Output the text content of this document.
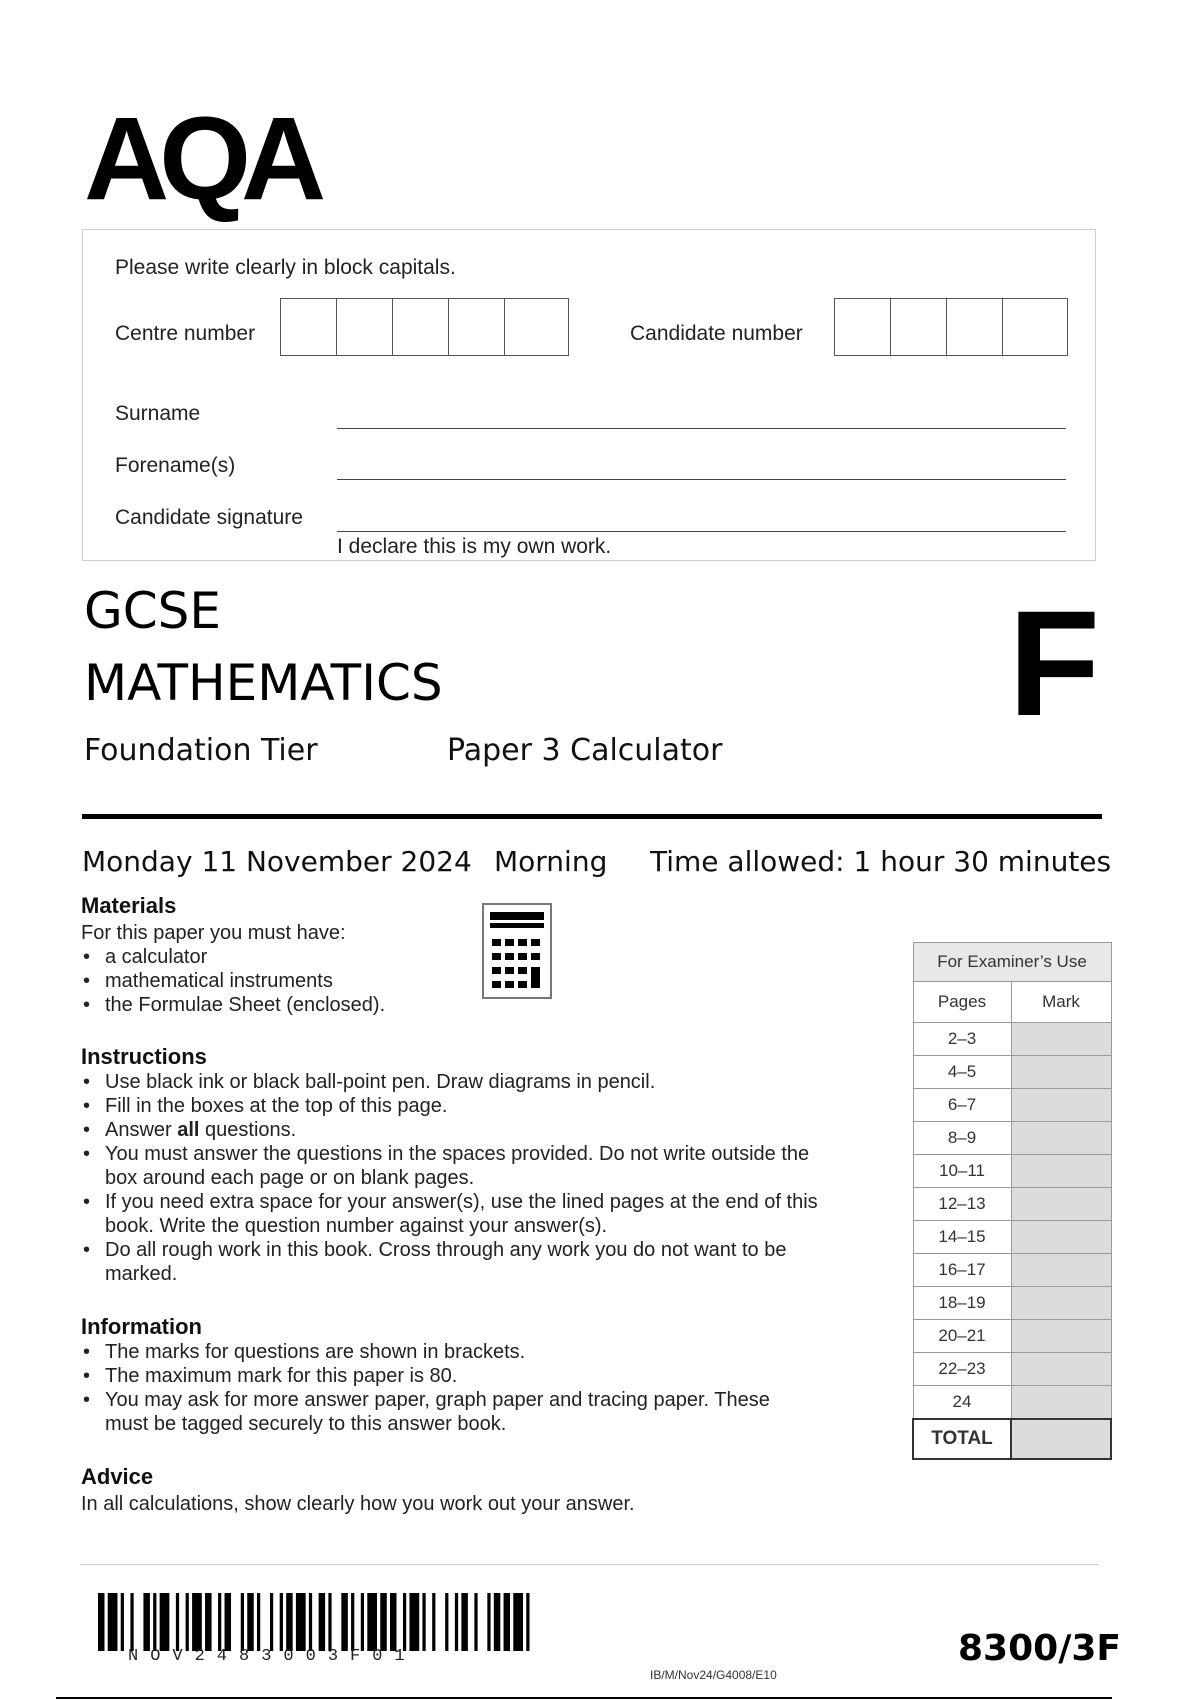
AQA
Please write clearly in block capitals.
Centre number	Candidate number
Surname
Forename(s)
Candidate signature
I declare this is my own work.
GCSE
MATHEMATICS
Foundation Tier	Paper 3 Calculator
F
Monday 11 November 2024 Morning Time allowed: 1 hour 30 minutes
Materials
For this paper you must have:
• a calculator
• mathematical instruments
• the Formulae Sheet (enclosed).
Instructions
• Use black ink or black ball-point pen. Draw diagrams in pencil.
• Fill in the boxes at the top of this page.
• Answer all questions.
• You must answer the questions in the spaces provided. Do not write outside the box around each page or on blank pages.
• If you need extra space for your answer(s), use the lined pages at the end of this book. Write the question number against your answer(s).
• Do all rough work in this book. Cross through any work you do not want to be marked.
Information
• The marks for questions are shown in brackets.
• The maximum mark for this paper is 80.
• You may ask for more answer paper, graph paper and tracing paper. These must be tagged securely to this answer book.
Advice
In all calculations, show clearly how you work out your answer.
For Examiner’s Use	
Pages	Mark
2–3	
4–5	
6–7	
8–9	
10–11	
12–13	
14–15	
16–17	
18–19	
20–21	
22–23	
24	
TOTAL	
NOV2483003F01
IB/M/Nov24/G4008/E10
8300/3F
